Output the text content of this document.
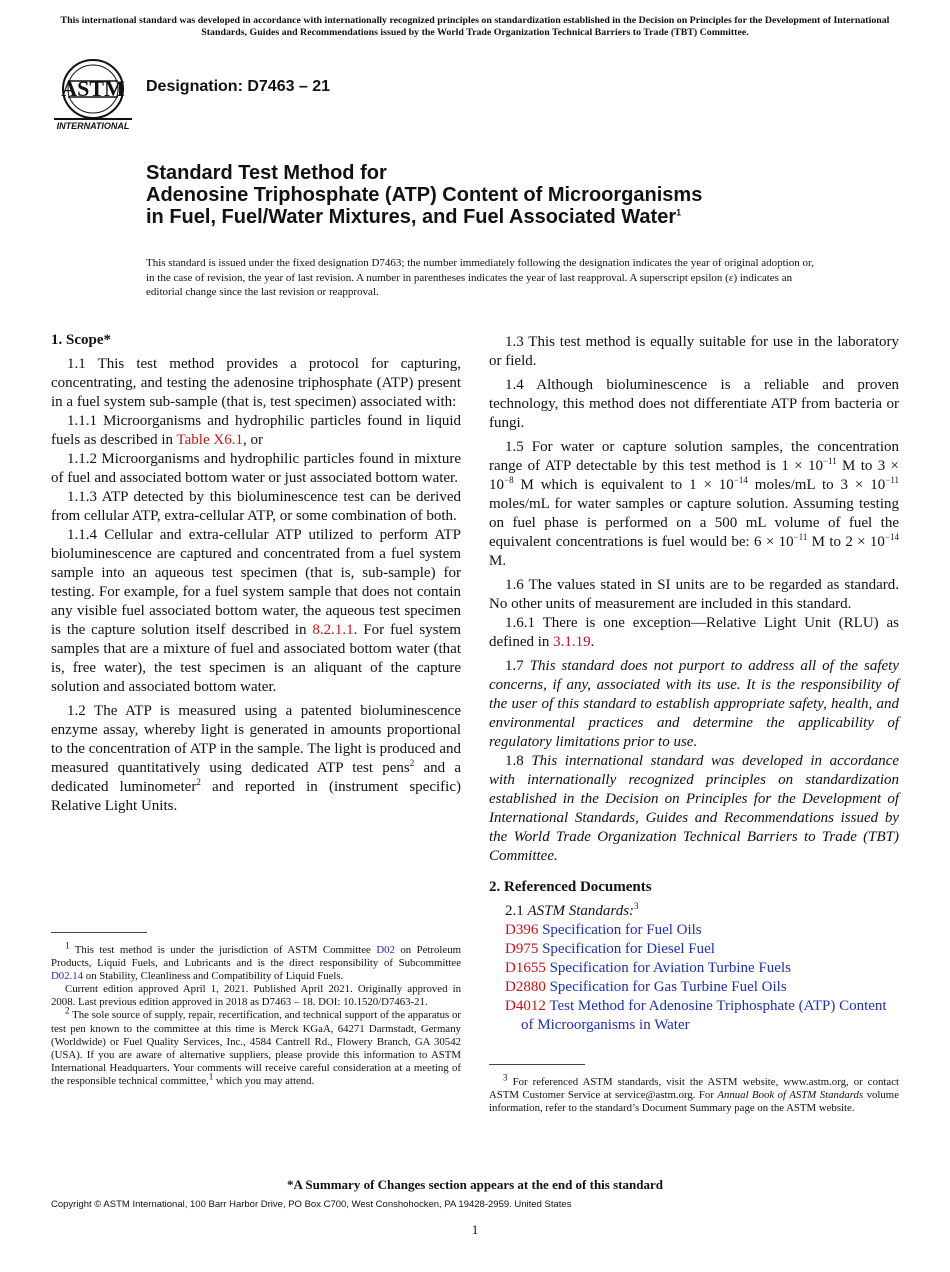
This international standard was developed in accordance with internationally recognized principles on standardization established in the Decision on Principles for the Development of International Standards, Guides and Recommendations issued by the World Trade Organization Technical Barriers to Trade (TBT) Committee.
ASTM
INTERNATIONAL
Designation: D7463 – 21
Standard Test Method for
Adenosine Triphosphate (ATP) Content of Microorganisms
in Fuel, Fuel/Water Mixtures, and Fuel Associated Water$^1$
This standard is issued under the fixed designation D7463; the number immediately following the designation indicates the year of original adoption or, in the case of revision, the year of last revision. A number in parentheses indicates the year of last reapproval. A superscript epsilon (ε) indicates an editorial change since the last revision or reapproval.
1. Scope*

1.1 This test method provides a protocol for capturing, concentrating, and testing the adenosine triphosphate (ATP) present in a fuel system sub-sample (that is, test specimen) associated with:

1.1.1 Microorganisms and hydrophilic particles found in liquid fuels as described in Table X6.1, or

1.1.2 Microorganisms and hydrophilic particles found in mixture of fuel and associated bottom water or just associated bottom water.

1.1.3 ATP detected by this bioluminescence test can be derived from cellular ATP, extra-cellular ATP, or some combination of both.

1.1.4 Cellular and extra-cellular ATP utilized to perform ATP bioluminescence are captured and concentrated from a fuel system sample into an aqueous test specimen (that is, sub-sample) for testing. For example, for a fuel system sample that does not contain any visible fuel associated bottom water, the aqueous test specimen is the capture solution itself described in 8.2.1.1. For fuel system samples that are a mixture of fuel and associated bottom water (that is, free water), the test specimen is an aliquant of the capture solution and associated bottom water.

1.2 The ATP is measured using a patented bioluminescence enzyme assay, whereby light is generated in amounts proportional to the concentration of ATP in the sample. The light is produced and measured quantitatively using dedicated ATP test pens$^2$ and a dedicated luminometer$^2$ and reported in (instrument specific) Relative Light Units.

1.3 This test method is equally suitable for use in the laboratory or field.

1.4 Although bioluminescence is a reliable and proven technology, this method does not differentiate ATP from bacteria or fungi.

1.5 For water or capture solution samples, the concentration range of ATP detectable by this test method is $1 \times 10^{-11}$ M to $3 \times 10^{-8}$ M which is equivalent to $1 \times 10^{-14}$ moles/mL to $3 \times 10^{-11}$ moles/mL for water samples or capture solution. Assuming testing on fuel phase is performed on a 500 mL volume of fuel the equivalent concentrations is fuel would be: $6 \times 10^{-11}$ M to $2 \times 10^{-14}$ M.

1.6 The values stated in SI units are to be regarded as standard. No other units of measurement are included in this standard.

1.6.1 There is one exception—Relative Light Unit (RLU) as defined in 3.1.19.

1.7 This standard does not purport to address all of the safety concerns, if any, associated with its use. It is the responsibility of the user of this standard to establish appropriate safety, health, and environmental practices and determine the applicability of regulatory limitations prior to use.

1.8 This international standard was developed in accordance with internationally recognized principles on standardization established in the Decision on Principles for the Development of International Standards, Guides and Recommendations issued by the World Trade Organization Technical Barriers to Trade (TBT) Committee.

2. Referenced Documents

2.1 ASTM Standards:$^3$

D396 Specification for Fuel Oils
D975 Specification for Diesel Fuel
D1655 Specification for Aviation Turbine Fuels
D2880 Specification for Gas Turbine Fuel Oils
D4012 Test Method for Adenosine Triphosphate (ATP) Content of Microorganisms in Water

$^1$ This test method is under the jurisdiction of ASTM Committee D02 on Petroleum Products, Liquid Fuels, and Lubricants and is the direct responsibility of Subcommittee D02.14 on Stability, Cleanliness and Compatibility of Liquid Fuels.

Current edition approved April 1, 2021. Published April 2021. Originally approved in 2008. Last previous edition approved in 2018 as D7463 – 18. DOI: 10.1520/D7463-21.

$^2$ The sole source of supply, repair, recertification, and technical support of the apparatus or test pen known to the committee at this time is Merck KGaA, 64271 Darmstadt, Germany (Worldwide) or Fuel Quality Services, Inc., 4584 Cantrell Rd., Flowery Branch, GA 30542 (USA). If you are aware of alternative suppliers, please provide this information to ASTM International Headquarters. Your comments will receive careful consideration at a meeting of the responsible technical committee,$^1$ which you may attend.	$^3$ For referenced ASTM standards, visit the ASTM website, www.astm.org, or contact ASTM Customer Service at service@astm.org. For Annual Book of ASTM Standards volume information, refer to the standard’s Document Summary page on the ASTM website.

*A Summary of Changes section appears at the end of this standard
Copyright © ASTM International, 100 Barr Harbor Drive, PO Box C700, West Conshohocken, PA 19428-2959. United States
1
